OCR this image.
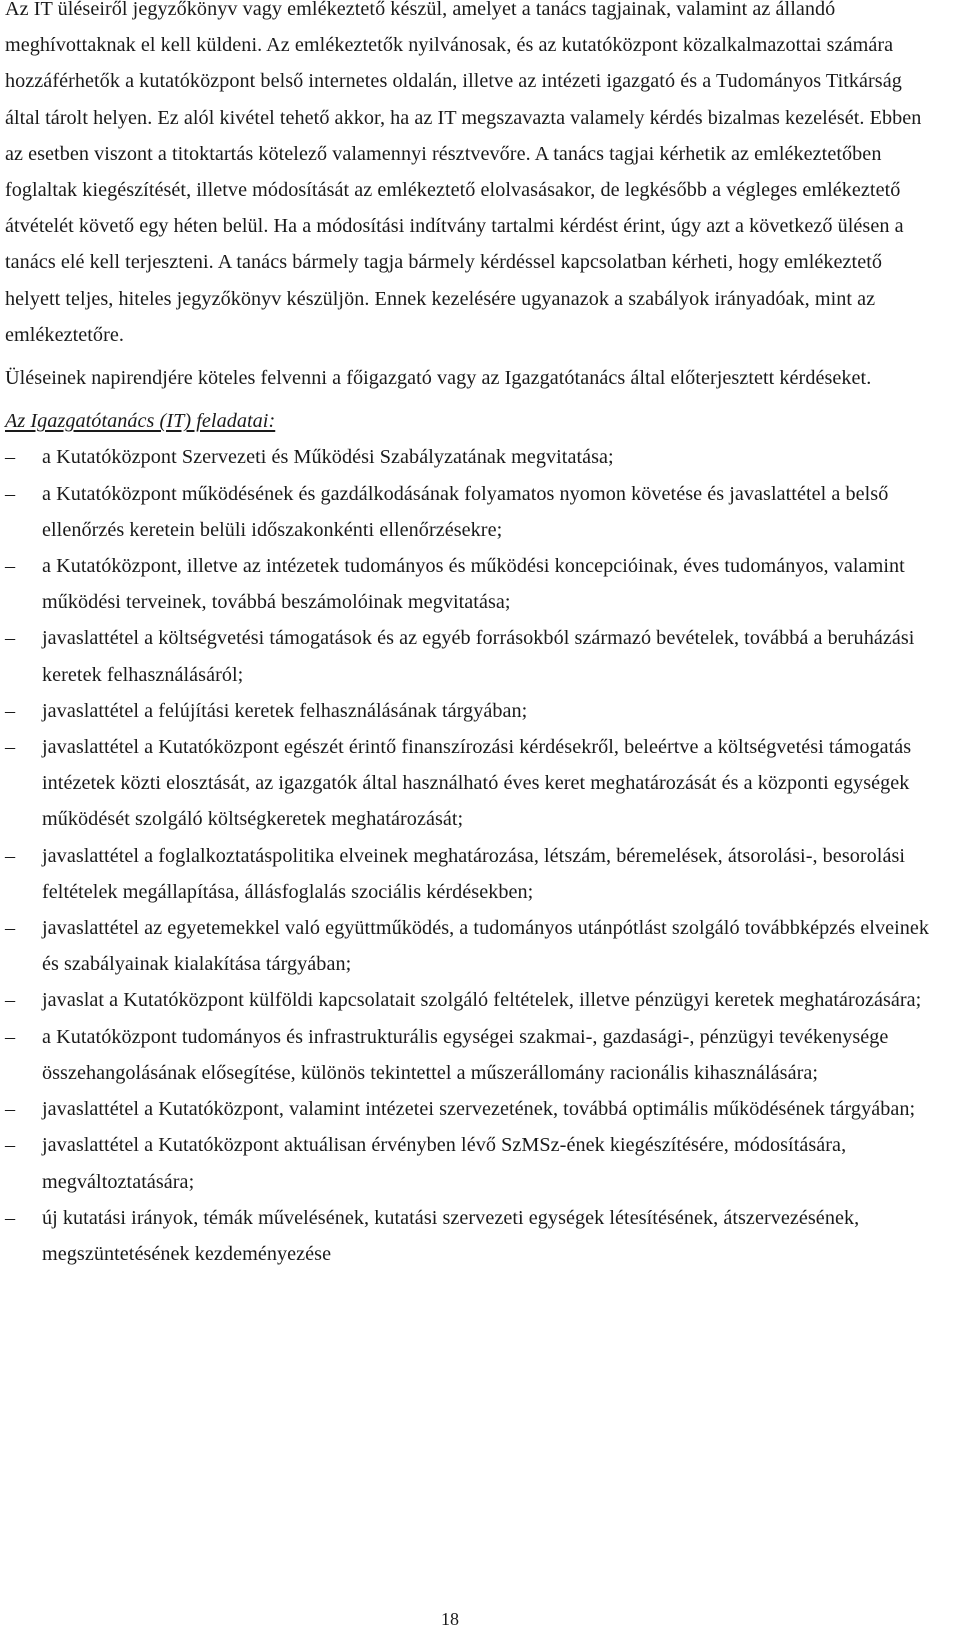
Az IT üléseiről jegyzőkönyv vagy emlékeztető készül, amelyet a tanács tagjainak, valamint az állandó meghívottaknak el kell küldeni. Az emlékeztetők nyilvánosak, és az kutatóközpont közalkalmazottai számára hozzáférhetők a kutatóközpont belső internetes oldalán, illetve az intézeti igazgató és a Tudományos Titkárság által tárolt helyen. Ez alól kivétel tehető akkor, ha az IT megszavazta valamely kérdés bizalmas kezelését. Ebben az esetben viszont a titoktartás kötelező valamennyi résztvevőre. A tanács tagjai kérhetik az emlékeztetőben foglaltak kiegészítését, illetve módosítását az emlékeztető elolvasásakor, de legkésőbb a végleges emlékeztető átvételét követő egy héten belül. Ha a módosítási indítvány tartalmi kérdést érint, úgy azt a következő ülésen a tanács elé kell terjeszteni. A tanács bármely tagja bármely kérdéssel kapcsolatban kérheti, hogy emlékeztető helyett teljes, hiteles jegyzőkönyv készüljön. Ennek kezelésére ugyanazok a szabályok irányadóak, mint az emlékeztetőre.

Üléseinek napirendjére köteles felvenni a főigazgató vagy az Igazgatótanács által előterjesztett kérdéseket.

Az Igazgatótanács (IT) feladatai:

–	a Kutatóközpont Szervezeti és Működési Szabályzatának megvitatása;
–	a Kutatóközpont működésének és gazdálkodásának folyamatos nyomon követése és javaslattétel a belső ellenőrzés keretein belüli időszakonkénti ellenőrzésekre;
–	a Kutatóközpont, illetve az intézetek tudományos és működési koncepcióinak, éves tudományos, valamint működési terveinek, továbbá beszámolóinak megvitatása;
–	javaslattétel a költségvetési támogatások és az egyéb forrásokból származó bevételek, továbbá a beruházási keretek felhasználásáról;
–	javaslattétel a felújítási keretek felhasználásának tárgyában;
–	javaslattétel a Kutatóközpont egészét érintő finanszírozási kérdésekről, beleértve a költségvetési támogatás intézetek közti elosztását, az igazgatók által használható éves keret meghatározását és a központi egységek működését szolgáló költségkeretek meghatározását;
–	javaslattétel a foglalkoztatáspolitika elveinek meghatározása, létszám, béremelések, átsorolási-, besorolási feltételek megállapítása, állásfoglalás szociális kérdésekben;
–	javaslattétel az egyetemekkel való együttműködés, a tudományos utánpótlást szolgáló továbbképzés elveinek és szabályainak kialakítása tárgyában;
–	javaslat a Kutatóközpont külföldi kapcsolatait szolgáló feltételek, illetve pénzügyi keretek meghatározására;
–	a Kutatóközpont tudományos és infrastrukturális egységei szakmai-, gazdasági-, pénzügyi tevékenysége összehangolásának elősegítése, különös tekintettel a műszerállomány racionális kihasználására;
–	javaslattétel a Kutatóközpont, valamint intézetei szervezetének, továbbá optimális működésének tárgyában;
–	javaslattétel a Kutatóközpont aktuálisan érvényben lévő SzMSz-ének kiegészítésére, módosítására, megváltoztatására;
–	új kutatási irányok, témák művelésének, kutatási szervezeti egységek létesítésének, átszervezésének, megszüntetésének kezdeményezése
18
